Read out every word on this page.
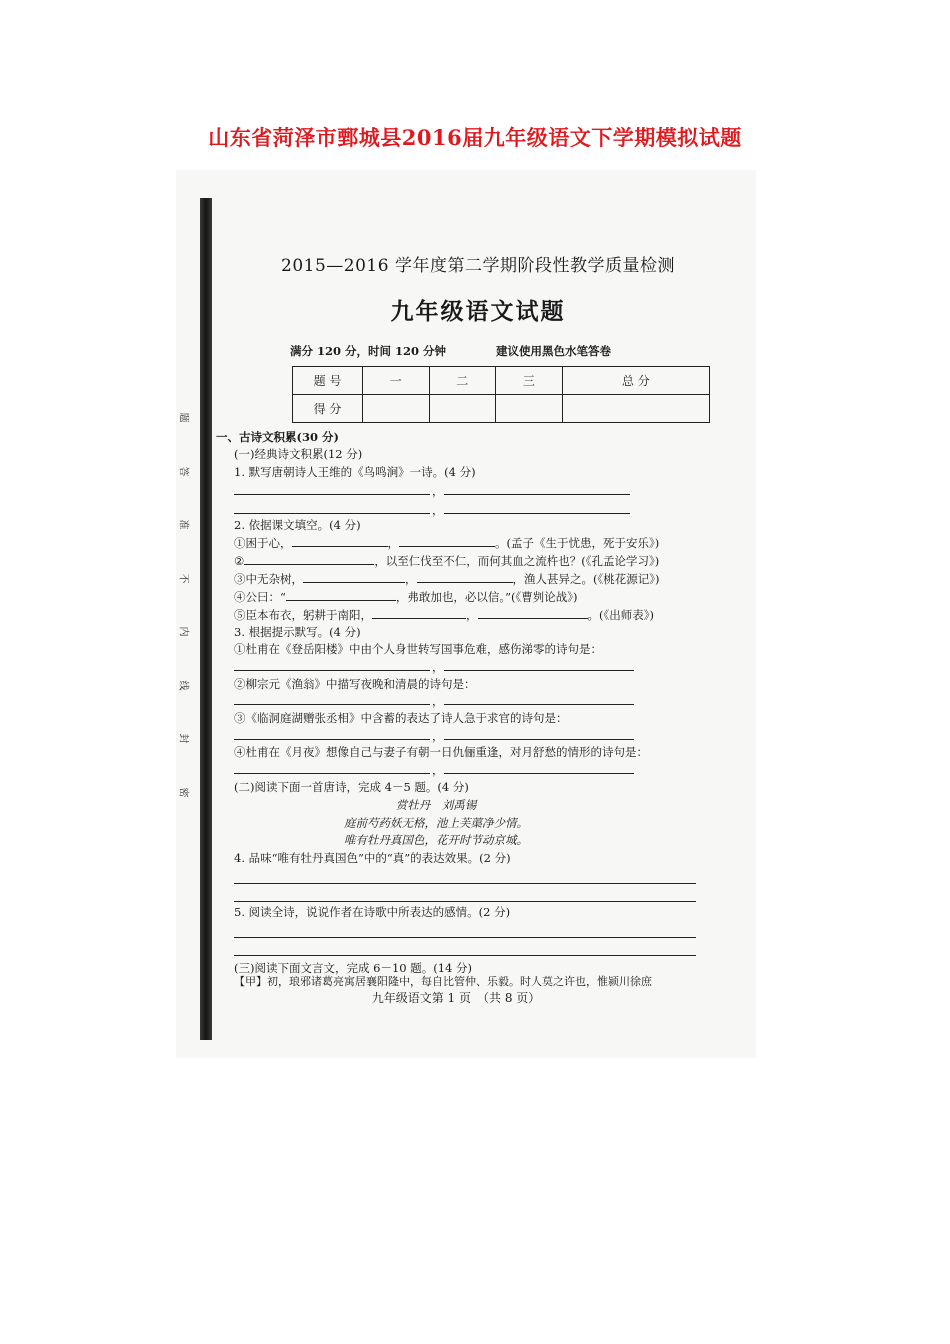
山东省菏泽市鄄城县2016届九年级语文下学期模拟试题
题
答
准
不
内
线
封
密
2015—2016 学年度第二学期阶段性教学质量检测
九年级语文试题
满分 120 分，时间 120 分钟	建议使用黑色水笔答卷
题 号	一	二	三	总 分
得 分				
一、古诗文积累(30 分)
(一)经典诗文积累(12 分)
1. 默写唐朝诗人王维的《鸟鸣涧》一诗。(4 分)
，
，
2. 依据课文填空。(4 分)
①困于心，	，	。(孟子《生于忧患，死于安乐》)
②	，以至仁伐至不仁，而何其血之流杵也？(《孔孟论学习》)
③中无杂树，	，	，渔人甚异之。(《桃花源记》)
④公曰：“	，弗敢加也，必以信。”(《曹刿论战》)
⑤臣本布衣，躬耕于南阳，	，	。(《出师表》)
3. 根据提示默写。(4 分)
①杜甫在《登岳阳楼》中由个人身世转写国事危难，感伤涕零的诗句是：
，
②柳宗元《渔翁》中描写夜晚和清晨的诗句是：
，
③《临洞庭湖赠张丞相》中含蓄的表达了诗人急于求官的诗句是：
，
④杜甫在《月夜》想像自己与妻子有朝一日仇俪重逢，对月舒愁的情形的诗句是：
，
(二)阅读下面一首唐诗，完成 4－5 题。(4 分)
赏牡丹　刘禹锡
庭前芍药妖无格，池上芙蕖净少情。
唯有牡丹真国色，花开时节动京城。
4. 品味“唯有牡丹真国色”中的“真”的表达效果。(2 分)
5. 阅读全诗，说说作者在诗歌中所表达的感情。(2 分)
(三)阅读下面文言文，完成 6－10 题。(14 分)
【甲】初，琅邪诸葛亮寓居襄阳隆中，每自比管仲、乐毅。时人莫之许也，惟颍川徐庶
九年级语文第 1 页　（共 8 页）
